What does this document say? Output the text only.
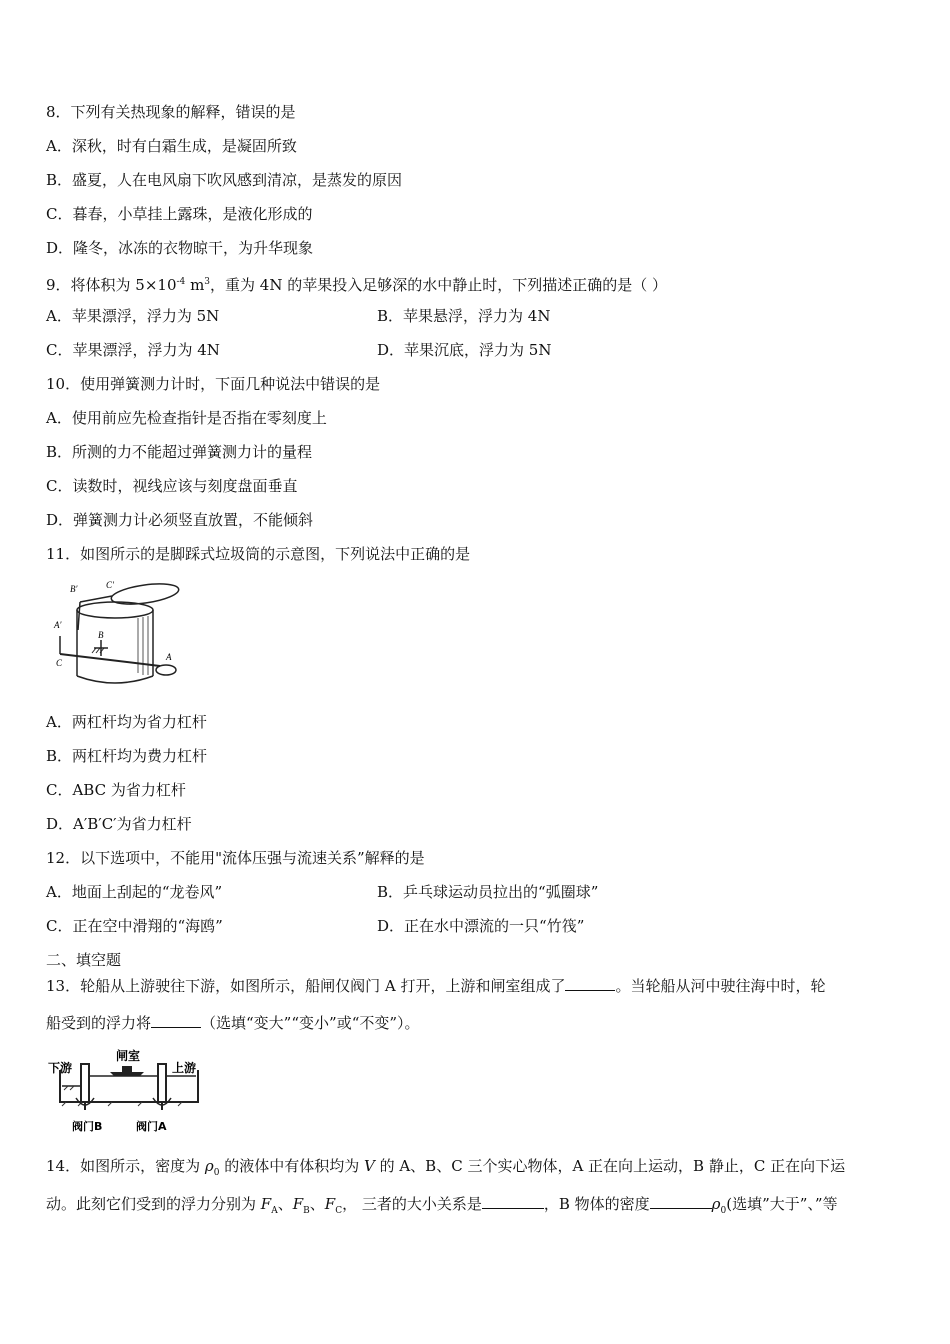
8．下列有关热现象的解释，错误的是
A．深秋，时有白霜生成，是凝固所致
B．盛夏，人在电风扇下吹风感到清凉，是蒸发的原因
C．暮春，小草挂上露珠，是液化形成的
D．隆冬，冰冻的衣物晾干，为升华现象
9．将体积为 $5\times 10^{-4}$ $m^3$，重为 4N 的苹果投入足够深的水中静止时，下列描述正确的是（ ）
A．苹果漂浮，浮力为 5N	B．苹果悬浮，浮力为 4N
C．苹果漂浮，浮力为 4N	D．苹果沉底，浮力为 5N
10．使用弹簧测力计时，下面几种说法中错误的是
A．使用前应先检查指针是否指在零刻度上
B．所测的力不能超过弹簧测力计的量程
C．读数时，视线应该与刻度盘面垂直
D．弹簧测力计必须竖直放置，不能倾斜
11．如图所示的是脚踩式垃圾筒的示意图，下列说法中正确的是
B′	C′
A′
B
C
A
A．两杠杆均为省力杠杆
B．两杠杆均为费力杠杆
C．ABC 为省力杠杆
D．A′B′C′为省力杠杆
12．以下选项中，不能用"流体压强与流速关系”解释的是
A．地面上刮起的“龙卷风”	B．乒乓球运动员拉出的“弧圈球”
C．正在空中滑翔的“海鸥”	D．正在水中漂流的一只“竹筏”
二、填空题
13．轮船从上游驶往下游，如图所示，船闸仅阀门 A 打开，上游和闸室组成了	。当轮船从河中驶往海中时，轮
船受到的浮力将	（选填“变大”“变小”或“不变”）。
下游
闸室
上游
阀门B	阀门A
14．如图所示，密度为 $\rho_0$ 的液体中有体积均为 V 的 A、B、C 三个实心物体，A 正在向上运动，B 静止，C 正在向下运
动。此刻它们受到的浮力分别为 $F_A$、$F_B$、$F_C$， 三者的大小关系是	，B 物体的密度	$\rho_0$(选填”大于”、”等
